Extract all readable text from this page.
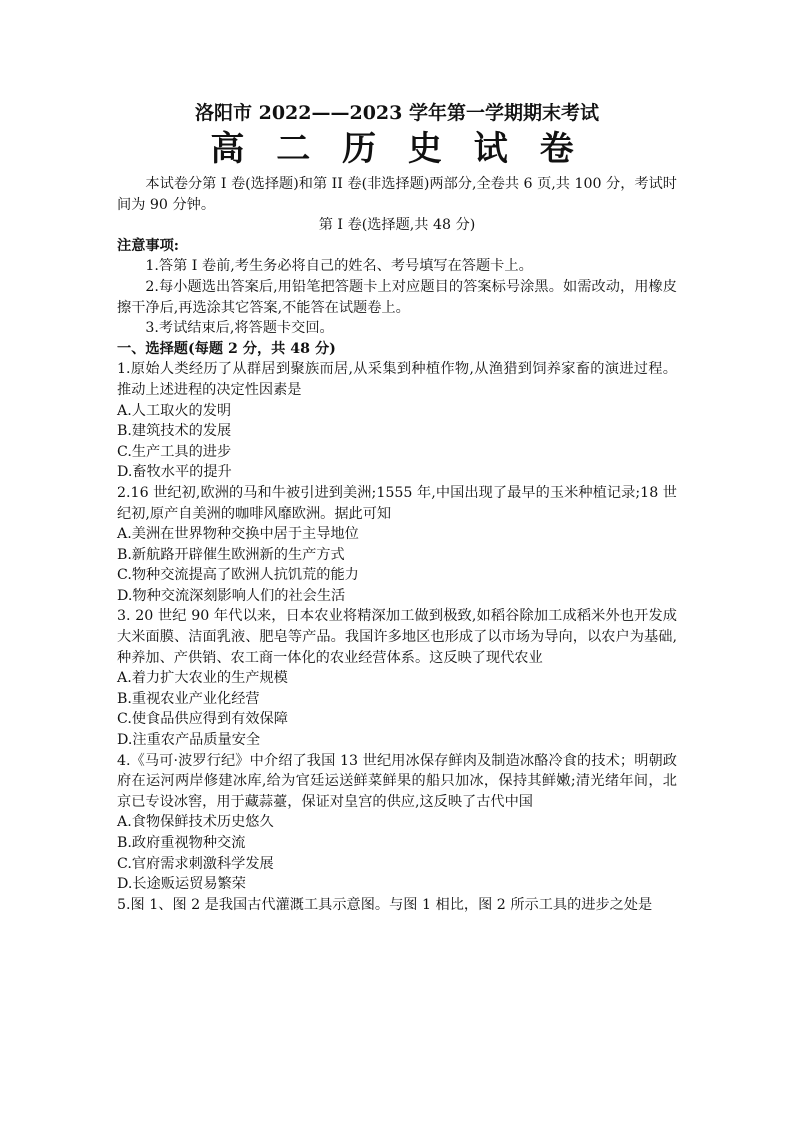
洛阳市 2022——2023 学年第一学期期末考试
高 二 历 史 试 卷

本试卷分第 I 卷(选择题)和第 II 卷(非选择题)两部分,全卷共 6 页,共 100 分，考试时间为 90 分钟。

第 I 卷(选择题,共 48 分)

注意事项:

1.答第 I 卷前,考生务必将自己的姓名、考号填写在答题卡上。

2.每小题选出答案后,用铅笔把答题卡上对应题目的答案标号涂黑。如需改动，用橡皮擦干净后,再选涂其它答案,不能答在试题卷上。

3.考试结束后,将答题卡交回。

一、选择题(每题 2 分，共 48 分)

1.原始人类经历了从群居到聚族而居,从采集到种植作物,从渔猎到饲养家畜的演进过程。推动上述进程的决定性因素是

A.人工取火的发明

B.建筑技术的发展

C.生产工具的进步

D.畜牧水平的提升

2.16 世纪初,欧洲的马和牛被引进到美洲;1555 年,中国出现了最早的玉米种植记录;18 世纪初,原产自美洲的咖啡风靡欧洲。据此可知

A.美洲在世界物种交换中居于主导地位

B.新航路开辟催生欧洲新的生产方式

C.物种交流提高了欧洲人抗饥荒的能力

D.物种交流深刻影响人们的社会生活

3. 20 世纪 90 年代以来，日本农业将精深加工做到极致,如稻谷除加工成稻米外也开发成大米面膜、洁面乳液、肥皂等产品。我国许多地区也形成了以市场为导向，以农户为基础,种养加、产供销、农工商一体化的农业经营体系。这反映了现代农业

A.着力扩大农业的生产规模

B.重视农业产业化经营

C.使食品供应得到有效保障

D.注重农产品质量安全

4.《马可·波罗行纪》中介绍了我国 13 世纪用冰保存鲜肉及制造冰酪冷食的技术；明朝政府在运河两岸修建冰库,给为官廷运送鲜菜鲜果的船只加冰，保持其鲜嫩;清光绪年间，北京已专设冰窖，用于藏蒜薹，保证对皇宫的供应,这反映了古代中国

A.食物保鲜技术历史悠久

B.政府重视物种交流

C.官府需求刺激科学发展

D.长途贩运贸易繁荣

5.图 1、图 2 是我国古代灌溉工具示意图。与图 1 相比，图 2 所示工具的进步之处是
